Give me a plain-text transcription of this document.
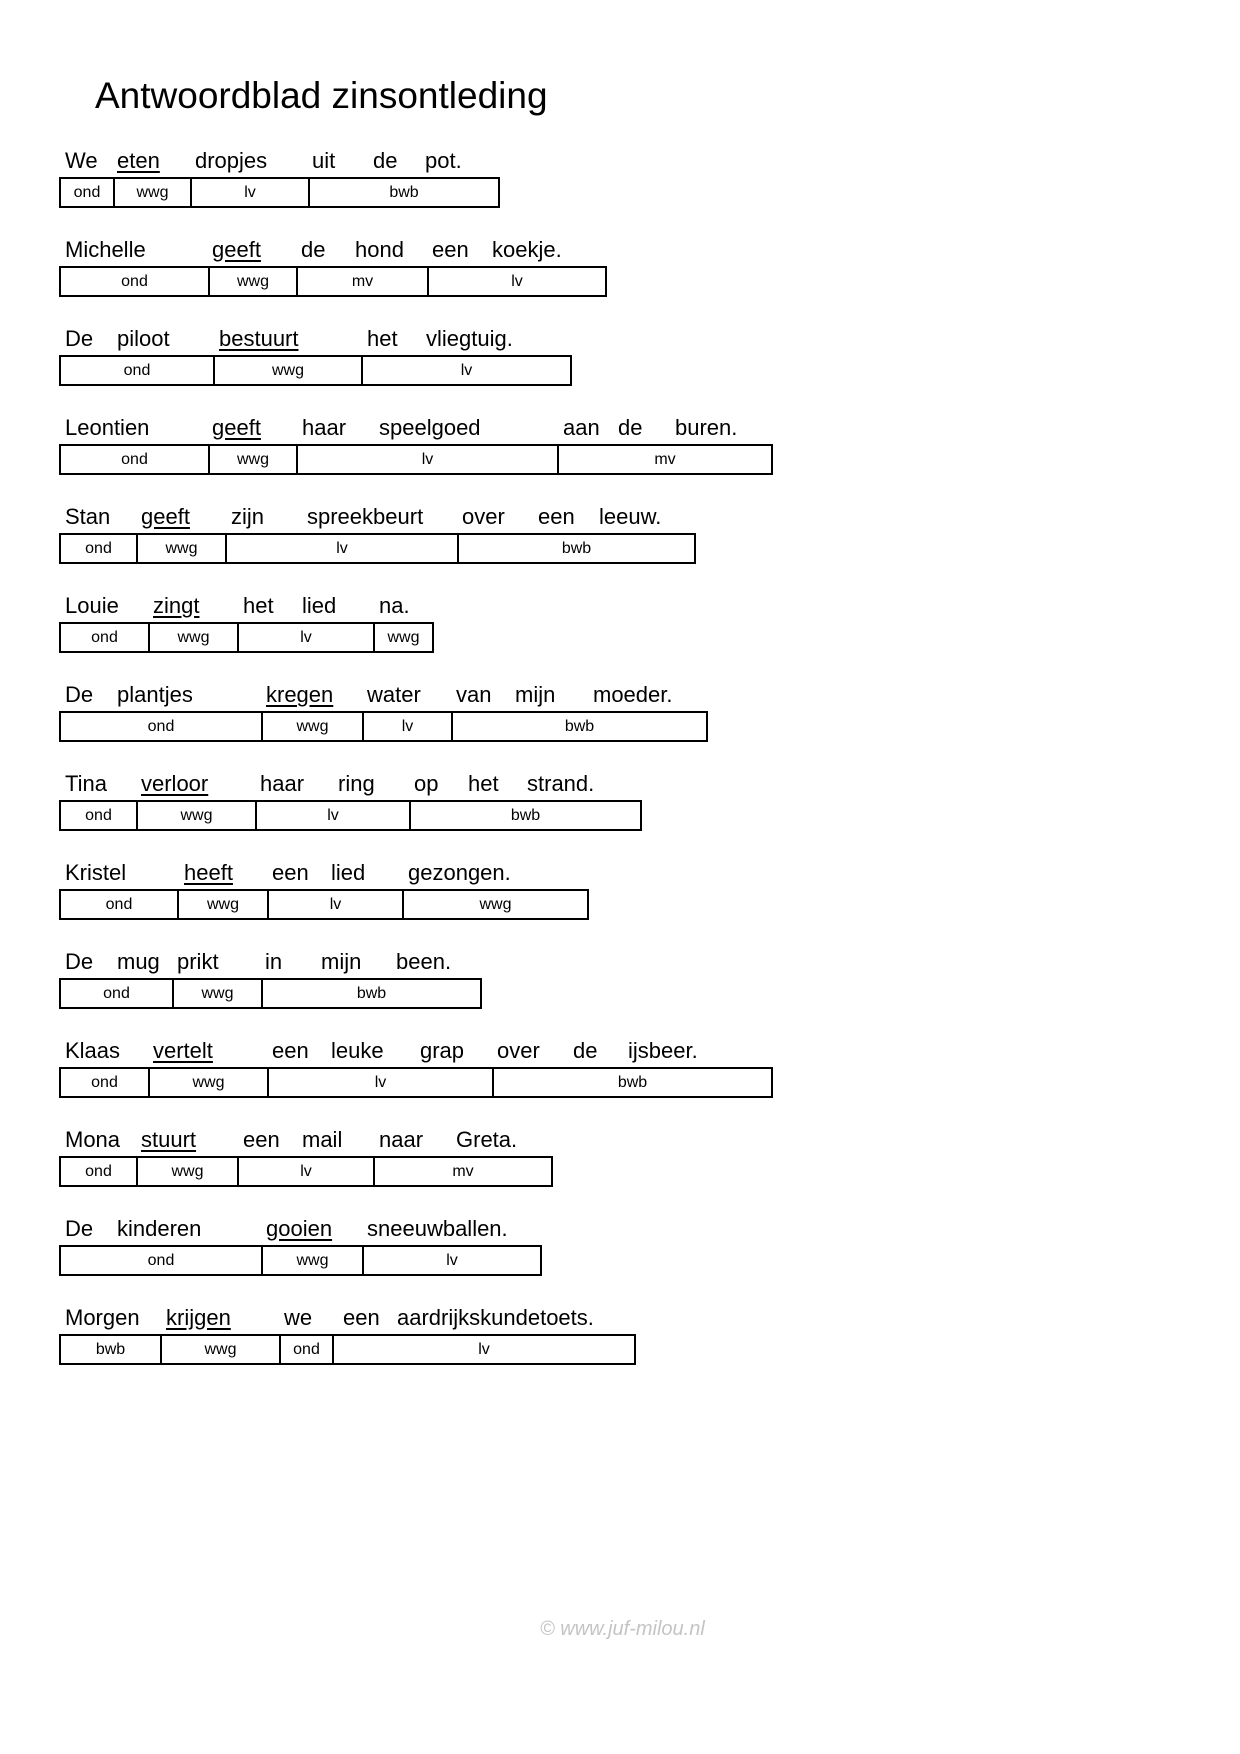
Antwoordblad zinsontleding
We eten dropjes uit de pot.
ond	wwg	lv	bwb
Michelle	geeft de hond een koekje.
ond	wwg	mv	lv
De piloot bestuurt	het vliegtuig.
ond	wwg	lv
Leontien	geeft haar speelgoed	aan de buren.
ond	wwg	lv	mv
Stan geeft zijn spreekbeurt over een leeuw.
ond	wwg	lv	bwb
Louie zingt het lied na.
ond	wwg	lv	wwg
De plantjes	kregen water van mijn moeder.
ond	wwg	lv	bwb
Tina verloor haar ring op het strand.
ond	wwg	lv	bwb
Kristel	heeft een lied gezongen.
ond	wwg	lv	wwg
De mug prikt in mijn been.
ond	wwg	bwb
Klaas vertelt	een leuke grap over de ijsbeer.
ond	wwg	lv	bwb
Mona stuurt een mail naar Greta.
ond	wwg	lv	mv
De kinderen	gooien sneeuwballen.
ond	wwg	lv
Morgen krijgen we een aardrijkskundetoets.
bwb	wwg	ond	lv
© www.juf-milou.nl
